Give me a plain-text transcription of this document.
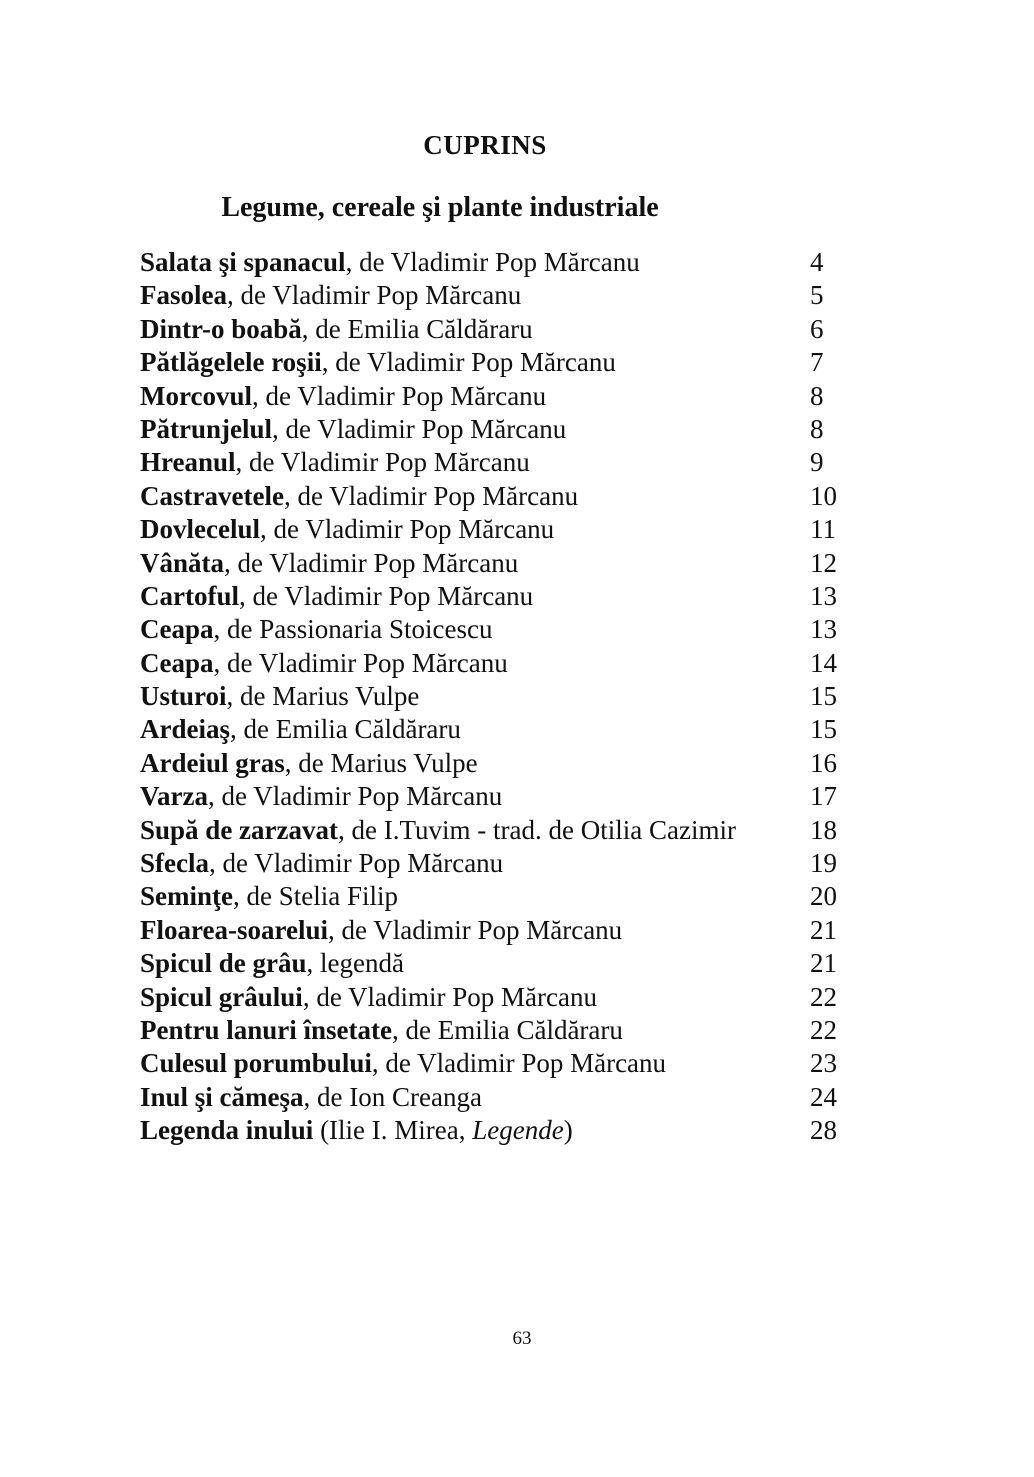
CUPRINS
Legume, cereale şi plante industriale
Salata şi spanacul, de Vladimir Pop Mărcanu	4
Fasolea, de Vladimir Pop Mărcanu	5
Dintr-o boabă, de Emilia Căldăraru	6
Pătlăgelele roşii, de Vladimir Pop Mărcanu	7
Morcovul, de Vladimir Pop Mărcanu	8
Pătrunjelul, de Vladimir Pop Mărcanu	8
Hreanul, de Vladimir Pop Mărcanu	9
Castravetele, de Vladimir Pop Mărcanu	10
Dovlecelul, de Vladimir Pop Mărcanu	11
Vânăta, de Vladimir Pop Mărcanu	12
Cartoful, de Vladimir Pop Mărcanu	13
Ceapa, de Passionaria Stoicescu	13
Ceapa, de Vladimir Pop Mărcanu	14
Usturoi, de Marius Vulpe	15
Ardeiaş, de Emilia Căldăraru	15
Ardeiul gras, de Marius Vulpe	16
Varza, de Vladimir Pop Mărcanu	17
Supă de zarzavat, de I.Tuvim - trad. de Otilia Cazimir	18
Sfecla, de Vladimir Pop Mărcanu	19
Seminţe, de Stelia Filip	20
Floarea-soarelui, de Vladimir Pop Mărcanu	21
Spicul de grâu, legendă	21
Spicul grâului, de Vladimir Pop Mărcanu	22
Pentru lanuri însetate, de Emilia Căldăraru	22
Culesul porumbului, de Vladimir Pop Mărcanu	23
Inul şi cămeşa, de Ion Creanga	24
Legenda inului (Ilie I. Mirea, Legende)	28

63
